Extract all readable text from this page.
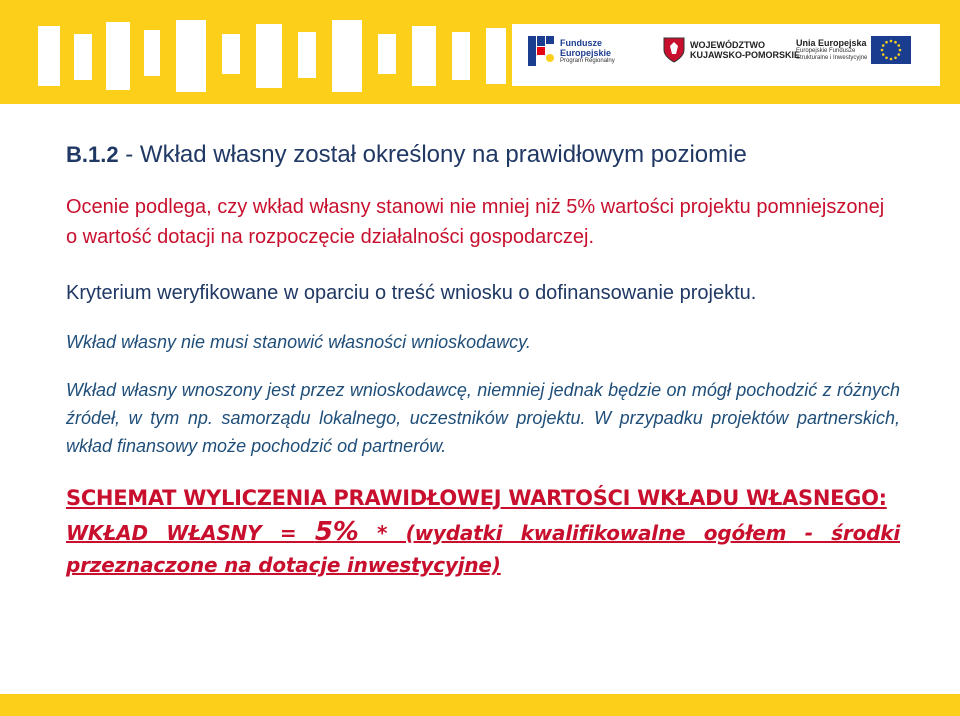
Fundusze
Europejskie
Program Regionalny
WOJEWÓDZTWO
KUJAWSKO-POMORSKIE
Unia Europejska
Europejskie Fundusze
Strukturalne i Inwestycyjne
B.1.2 - Wkład własny został określony na prawidłowym poziomie

Ocenie podlega, czy wkład własny stanowi nie mniej niż 5% wartości projektu pomniejszonej o wartość dotacji na rozpoczęcie działalności gospodarczej.

Kryterium weryfikowane w oparciu o treść wniosku o dofinansowanie projektu.

Wkład własny nie musi stanowić własności wnioskodawcy.

Wkład własny wnoszony jest przez wnioskodawcę, niemniej jednak będzie on mógł pochodzić z różnych źródeł, w tym np. samorządu lokalnego, uczestników projektu. W przypadku projektów partnerskich, wkład finansowy może pochodzić od partnerów.

SCHEMAT WYLICZENIA PRAWIDŁOWEJ WARTOŚCI WKŁADU WŁASNEGO:

WKŁAD WŁASNY = 5% * (wydatki kwalifikowalne ogółem - środki przeznaczone na dotacje inwestycyjne)
